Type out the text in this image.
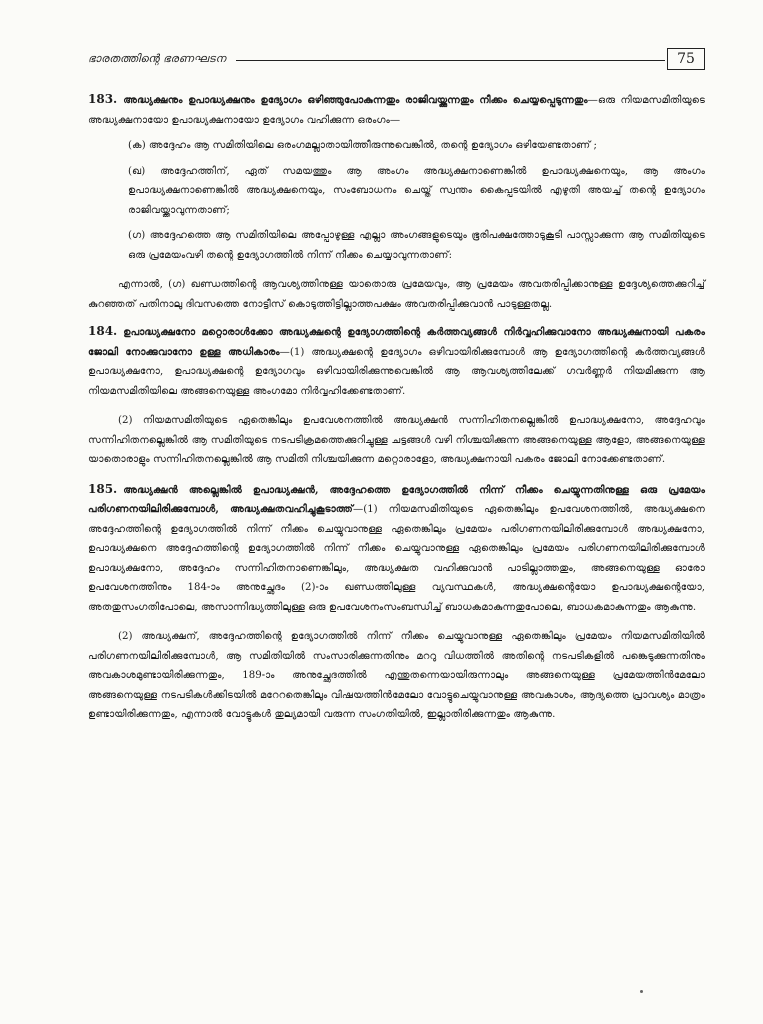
ഭാരതത്തിന്റെ ഭരണഘടന	75

183. അദ്ധ്യക്ഷനും ഉപാദ്ധ്യക്ഷനും ഉദ്യോഗം ഒഴിഞ്ഞുപോകുന്നതും രാജിവയ്ക്കുന്നതും നീക്കം ചെയ്യപ്പെടുന്നതും—ഒരു നിയമസമിതിയുടെ അദ്ധ്യക്ഷനായോ ഉപാദ്ധ്യക്ഷനായോ ഉദ്യോഗം വഹിക്കുന്ന ഒരംഗം—

(ക) അദ്ദേഹം ആ സമിതിയിലെ ഒരംഗമല്ലാതായിത്തീരുന്നുവെങ്കിൽ, തന്റെ ഉദ്യോഗം ഒഴിയേണ്ടതാണ് ;

(ഖ) അദ്ദേഹത്തിന്, ഏത് സമയത്തും ആ അംഗം അദ്ധ്യക്ഷനാണെങ്കിൽ ഉപാദ്ധ്യക്ഷനെയും, ആ അംഗം ഉപാദ്ധ്യക്ഷനാണെങ്കിൽ അദ്ധ്യക്ഷനെയും, സംബോധനം ചെയ്ത് സ്വന്തം കൈപ്പടയിൽ എഴുതി അയച്ച് തന്റെ ഉദ്യോഗം രാജിവയ്ക്കാവുന്നതാണ്;

(ഗ) അദ്ദേഹത്തെ ആ സമിതിയിലെ അപ്പോഴുള്ള എല്ലാ അംഗങ്ങളുടെയും ഭൂരിപക്ഷത്തോടുകൂടി പാസ്സാക്കുന്ന ആ സമിതിയുടെ ഒരു പ്രമേയംവഴി തന്റെ ഉദ്യോഗത്തിൽ നിന്ന് നീക്കം ചെയ്യാവുന്നതാണ്:

എന്നാൽ, (ഗ) ഖണ്ഡത്തിന്റെ ആവശ്യത്തിനുള്ള യാതൊരു പ്രമേയവും, ആ പ്രമേയം അവതരിപ്പിക്കാനുള്ള ഉദ്ദേശ്യത്തെക്കുറിച്ച് കുറഞ്ഞത് പതിനാലു ദിവസത്തെ നോട്ടീസ് കൊടുത്തിട്ടില്ലാത്തപക്ഷം അവതരിപ്പിക്കുവാൻ പാടുള്ളതല്ല.

184. ഉപാദ്ധ്യക്ഷനോ മറ്റൊരാൾക്കോ അദ്ധ്യക്ഷന്റെ ഉദ്യോഗത്തിന്റെ കർത്തവ്യങ്ങൾ നിർവ്വഹിക്കുവാനോ അദ്ധ്യക്ഷനായി പകരം ജോലി നോക്കുവാനോ ഉള്ള അധികാരം—(1) അദ്ധ്യക്ഷന്റെ ഉദ്യോഗം ഒഴിവായിരിക്കുമ്പോൾ ആ ഉദ്യോഗത്തിന്റെ കർത്തവ്യങ്ങൾ ഉപാദ്ധ്യക്ഷനോ, ഉപാദ്ധ്യക്ഷന്റെ ഉദ്യോഗവും ഒഴിവായിരിക്കുന്നുവെങ്കിൽ ആ ആവശ്യത്തിലേക്ക് ഗവർണ്ണർ നിയമിക്കുന്ന ആ നിയമസമിതിയിലെ അങ്ങനെയുള്ള അംഗമോ നിർവ്വഹിക്കേണ്ടതാണ്.

(2) നിയമസമിതിയുടെ ഏതെങ്കിലും ഉപവേശനത്തിൽ അദ്ധ്യക്ഷൻ സന്നിഹിതനല്ലെങ്കിൽ ഉപാദ്ധ്യക്ഷനോ, അദ്ദേഹവും സന്നിഹിതനല്ലെങ്കിൽ ആ സമിതിയുടെ നടപടിക്രമത്തെക്കുറിച്ചുള്ള ചട്ടങ്ങൾ വഴി നിശ്ചയിക്കുന്ന അങ്ങനെയുള്ള ആളോ, അങ്ങനെയുള്ള യാതൊരാളും സന്നിഹിതനല്ലെങ്കിൽ ആ സമിതി നിശ്ചയിക്കുന്ന മറ്റൊരാളോ, അദ്ധ്യക്ഷനായി പകരം ജോലി നോക്കേണ്ടതാണ്.

185. അദ്ധ്യക്ഷൻ അല്ലെങ്കിൽ ഉപാദ്ധ്യക്ഷൻ, അദ്ദേഹത്തെ ഉദ്യോഗത്തിൽ നിന്ന് നീക്കം ചെയ്യുന്നതിനുള്ള ഒരു പ്രമേയം പരിഗണനയിലിരിക്കുമ്പോൾ, അദ്ധ്യക്ഷതവഹിച്ചുകൂടാത്ത്—(1) നിയമസമിതിയുടെ ഏതെങ്കിലും ഉപവേശനത്തിൽ, അദ്ധ്യക്ഷനെ അദ്ദേഹത്തിന്റെ ഉദ്യോഗത്തിൽ നിന്ന് നീക്കം ചെയ്യുവാനുള്ള ഏതെങ്കിലും പ്രമേയം പരിഗണനയിലിരിക്കുമ്പോൾ അദ്ധ്യക്ഷനോ, ഉപാദ്ധ്യക്ഷനെ അദ്ദേഹത്തിന്റെ ഉദ്യോഗത്തിൽ നിന്ന് നീക്കം ചെയ്യുവാനുള്ള ഏതെങ്കിലും പ്രമേയം പരിഗണനയിലിരിക്കുമ്പോൾ ഉപാദ്ധ്യക്ഷനോ, അദ്ദേഹം സന്നിഹിതനാണെങ്കിലും, അദ്ധ്യക്ഷത വഹിക്കുവാൻ പാടില്ലാത്തതും, അങ്ങനെയുള്ള ഓരോ ഉപവേശനത്തിനും 184-ാം അനുച്ഛേദം (2)-ാം ഖണ്ഡത്തിലുള്ള വ്യവസ്ഥകൾ, അദ്ധ്യക്ഷന്റെയോ ഉപാദ്ധ്യക്ഷന്റെയോ, അതതുസംഗതിപോലെ, അസാന്നിദ്ധ്യത്തിലുള്ള ഒരു ഉപവേശനംസംബന്ധിച്ച് ബാധകമാകുന്നതുപോലെ, ബാധകമാകുന്നതും ആകുന്നു.

(2) അദ്ധ്യക്ഷന്, അദ്ദേഹത്തിന്റെ ഉദ്യോഗത്തിൽ നിന്ന് നീക്കം ചെയ്യുവാനുള്ള ഏതെങ്കിലും പ്രമേയം നിയമസമിതിയിൽ പരിഗണനയിലിരിക്കുമ്പോൾ, ആ സമിതിയിൽ സംസാരിക്കുന്നതിനും മററു വിധത്തിൽ അതിന്റെ നടപടികളിൽ പങ്കെടുക്കുന്നതിനും അവകാശമുണ്ടായിരിക്കുന്നതും, 189-ാം അനുച്ഛേദത്തിൽ എന്തുതന്നെയായിരുന്നാലും അങ്ങനെയുള്ള പ്രമേയത്തിൻമേലോ അങ്ങനെയുള്ള നടപടികൾക്കിടയിൽ മറേറതെങ്കിലും വിഷയത്തിൻമേലോ വോട്ടുചെയ്യുവാനുള്ള അവകാശം, ആദ്യത്തെ പ്രാവശ്യം മാത്രം ഉണ്ടായിരിക്കുന്നതും, എന്നാൽ വോട്ടുകൾ തുല്യമായി വരുന്ന സംഗതിയിൽ, ഇല്ലാതിരിക്കുന്നതും ആകുന്നു.
